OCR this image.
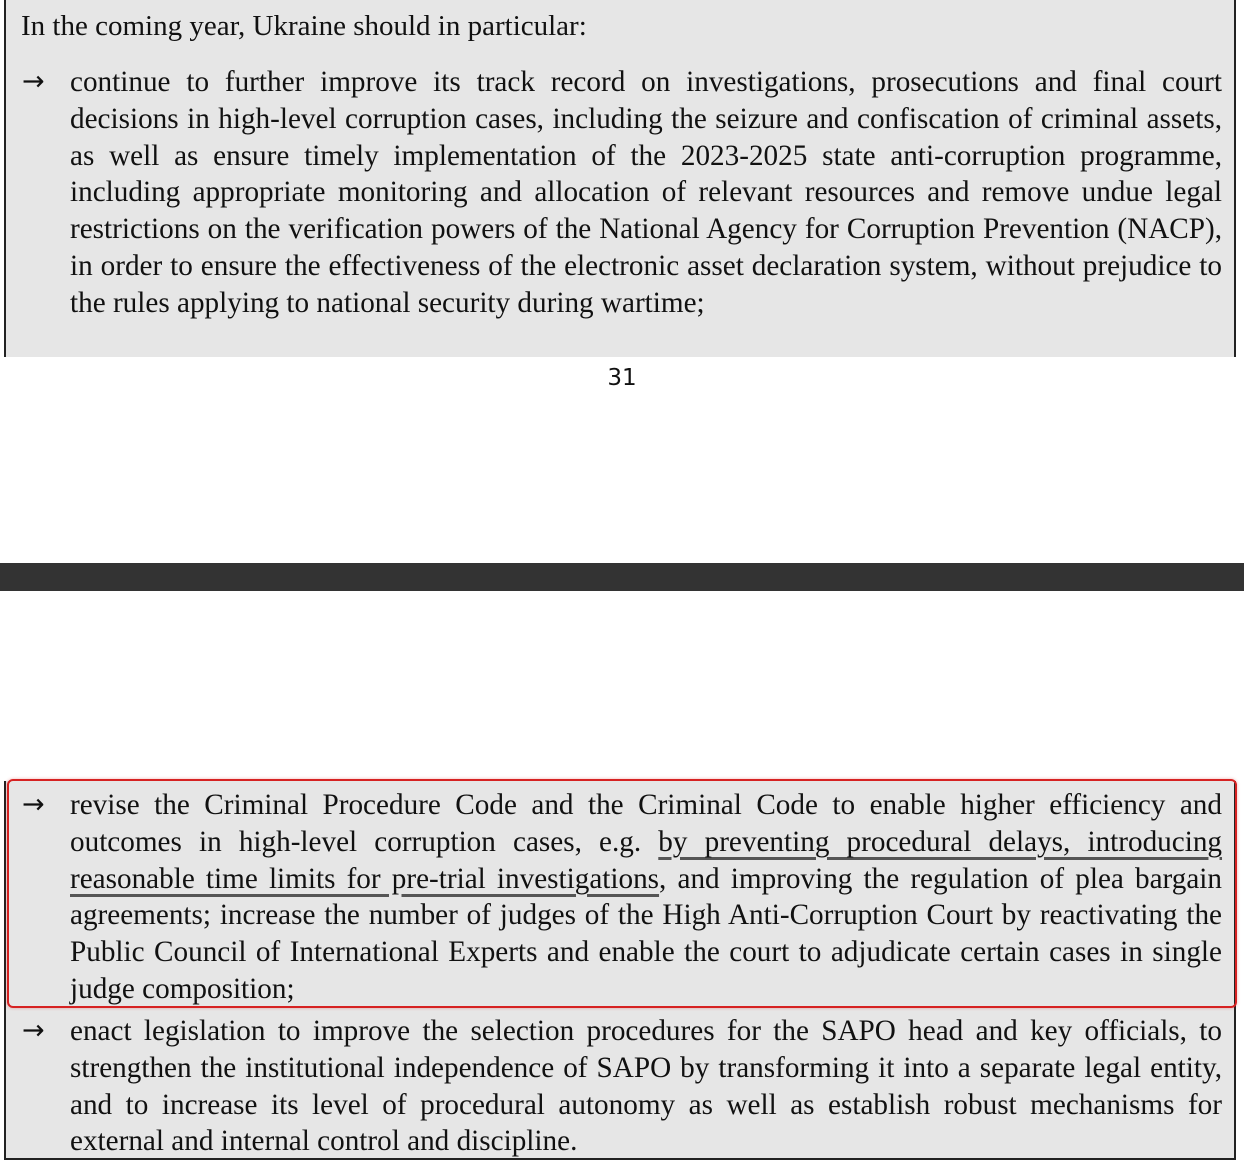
In the coming year, Ukraine should in particular:
→ continue to further improve its track record on investigations, prosecutions and final court decisions in high-level corruption cases, including the seizure and confiscation of criminal assets, as well as ensure timely implementation of the 2023-2025 state anti-corruption programme, including appropriate monitoring and allocation of relevant resources and remove undue legal restrictions on the verification powers of the National Agency for Corruption Prevention (NACP), in order to ensure the effectiveness of the electronic asset declaration system, without prejudice to the rules applying to national security during wartime;
31
→ revise the Criminal Procedure Code and the Criminal Code to enable higher efficiency and outcomes in high-level corruption cases, e.g. by preventing procedural delays, introducing reasonable time limits for pre-trial investigations, and improving the regulation of plea bargain agreements; increase the number of judges of the High Anti-Corruption Court by reactivating the Public Council of International Experts and enable the court to adjudicate certain cases in single judge composition;
→ enact legislation to improve the selection procedures for the SAPO head and key officials, to strengthen the institutional independence of SAPO by transforming it into a separate legal entity, and to increase its level of procedural autonomy as well as establish robust mechanisms for external and internal control and discipline.
